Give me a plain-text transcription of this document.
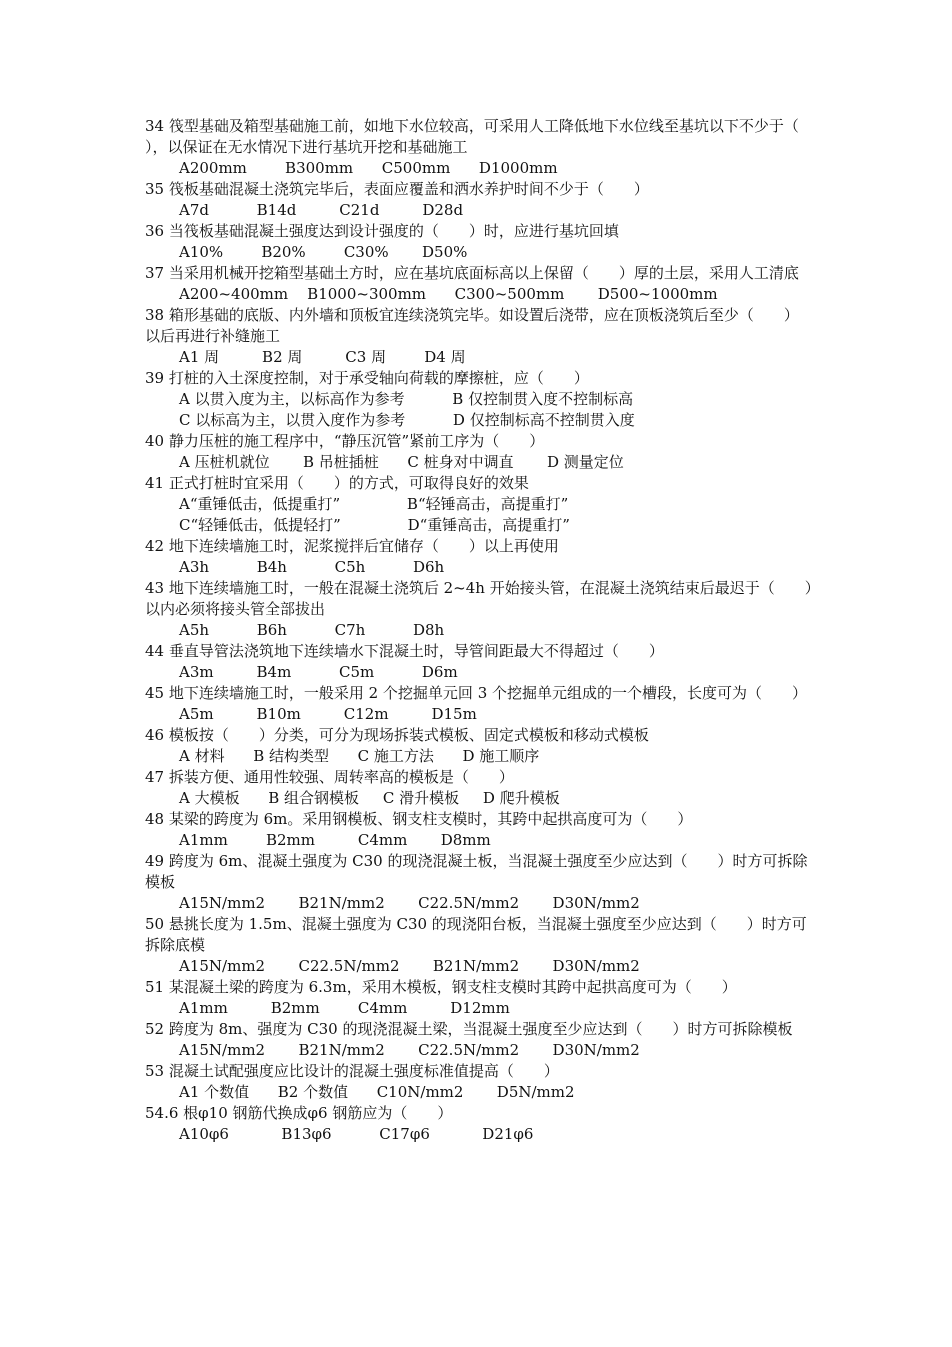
34 筏型基础及箱型基础施工前，如地下水位较高，可采用人工降低地下水位线至基坑以下不少于（　　），以保证在无水情况下进行基坑开挖和基础施工

A200mm        B300mm      C500mm      D1000mm

35 筏板基础混凝土浇筑完毕后，表面应覆盖和洒水养护时间不少于（　　）

A7d          B14d         C21d         D28d

36 当筏板基础混凝土强度达到设计强度的（　　）时，应进行基坑回填

A10%        B20%        C30%       D50%

37 当采用机械开挖箱型基础土方时，应在基坑底面标高以上保留（　　）厚的土层，采用人工清底

A200~400mm    B1000~300mm      C300~500mm       D500~1000mm

38 箱形基础的底版、内外墙和顶板宜连续浇筑完毕。如设置后浇带，应在顶板浇筑后至少（　　）以后再进行补缝施工

A1 周         B2 周         C3 周        D4 周

39 打桩的入土深度控制，对于承受轴向荷载的摩擦桩，应（　　）

A 以贯入度为主，以标高作为参考          B 仅控制贯入度不控制标高
C 以标高为主，以贯入度作为参考          D 仅控制标高不控制贯入度

40 静力压桩的施工程序中，“静压沉管”紧前工序为（　　）

A 压桩机就位       B 吊桩插桩      C 桩身对中调直       D 测量定位

41 正式打桩时宜采用（　　）的方式，可取得良好的效果

A“重锤低击，低提重打”              B“轻锤高击，高提重打”
C“轻锤低击，低提轻打”              D“重锤高击，高提重打”

42 地下连续墙施工时，泥浆搅拌后宜储存（　　）以上再使用

A3h          B4h          C5h          D6h

43 地下连续墙施工时，一般在混凝土浇筑后 2~4h 开始接头管，在混凝土浇筑结束后最迟于（　　）以内必须将接头管全部拔出

A5h          B6h          C7h          D8h

44 垂直导管法浇筑地下连续墙水下混凝土时，导管间距最大不得超过（　　）

A3m         B4m          C5m          D6m

45 地下连续墙施工时，一般采用 2 个挖掘单元回 3 个挖掘单元组成的一个槽段，长度可为（　　）

A5m         B10m         C12m         D15m

46 模板按（　　）分类，可分为现场拆装式模板、固定式模板和移动式模板

A 材料      B 结构类型      C 施工方法      D 施工顺序

47 拆装方便、通用性较强、周转率高的模板是（　　）

A 大模板      B 组合钢模板     C 滑升模板     D 爬升模板

48 某梁的跨度为 6m。采用钢模板、钢支柱支模时，其跨中起拱高度可为（　　）

A1mm        B2mm         C4mm       D8mm

49 跨度为 6m、混凝土强度为 C30 的现浇混凝土板，当混凝土强度至少应达到（　　）时方可拆除模板

A15N/mm2       B21N/mm2       C22.5N/mm2       D30N/mm2

50 悬挑长度为 1.5m、混凝土强度为 C30 的现浇阳台板，当混凝土强度至少应达到（　　）时方可拆除底模

A15N/mm2       C22.5N/mm2       B21N/mm2       D30N/mm2

51 某混凝土梁的跨度为 6.3m，采用木模板，钢支柱支模时其跨中起拱高度可为（　　）

A1mm         B2mm        C4mm         D12mm

52 跨度为 8m、强度为 C30 的现浇混凝土梁，当混凝土强度至少应达到（　　）时方可拆除模板

A15N/mm2       B21N/mm2       C22.5N/mm2       D30N/mm2

53 混凝土试配强度应比设计的混凝土强度标准值提高（　　）

A1 个数值      B2 个数值      C10N/mm2       D5N/mm2

54.6 根φ10 钢筋代换成φ6 钢筋应为（　　）

A10φ6           B13φ6          C17φ6           D21φ6
